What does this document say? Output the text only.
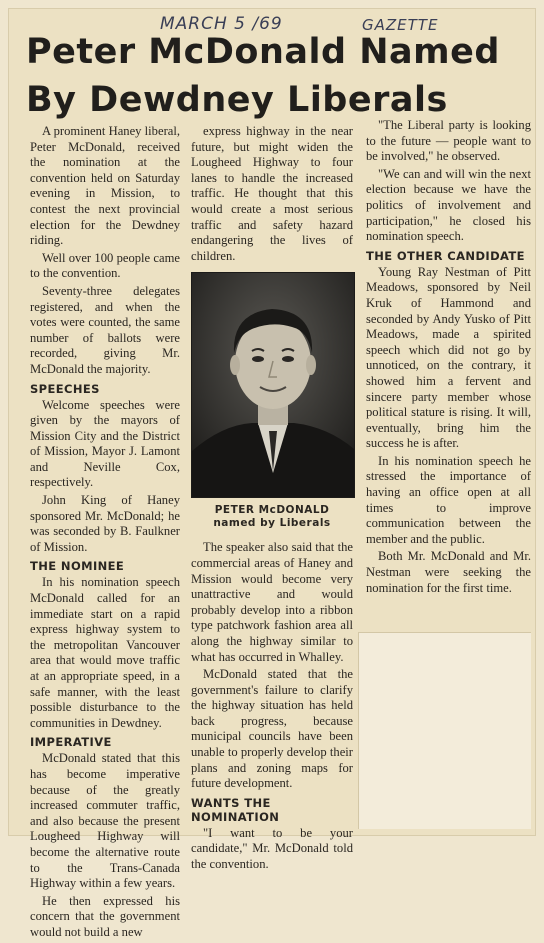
MARCH 5 /69	GAZETTE
Peter McDonald Named By Dewdney Liberals

A prominent Haney liberal, Peter McDonald, received the nomination at the convention held on Saturday evening in Mission, to contest the next provincial election for the Dewdney riding.

Well over 100 people came to the convention.

Seventy-three delegates registered, and when the votes were counted, the same number of ballots were recorded, giving Mr. McDonald the majority.

SPEECHES

Welcome speeches were given by the mayors of Mission City and the District of Mission, Mayor J. Lamont and Neville Cox, respectively.

John King of Haney sponsored Mr. McDonald; he was seconded by B. Faulkner of Mission.

THE NOMINEE

In his nomination speech McDonald called for an immediate start on a rapid express highway system to the metropolitan Vancouver area that would move traffic at an appropriate speed, in a safe manner, with the least possible disturbance to the communities in Dewdney.

IMPERATIVE

McDonald stated that this has become imperative because of the greatly increased commuter traffic, and also because the present Lougheed Highway will become the alternative route to the Trans-Canada Highway within a few years.

He then expressed his concern that the government would not build a new

express highway in the near future, but might widen the Lougheed Highway to four lanes to handle the increased traffic. He thought that this would create a most serious traffic and safety hazard endangering the lives of children.

PETER McDONALD
named by Liberals

The speaker also said that the commercial areas of Haney and Mission would become very unattractive and would probably develop into a ribbon type patchwork fashion area all along the highway similar to what has occurred in Whalley.

McDonald stated that the government's failure to clarify the highway situation has held back progress, because municipal councils have been unable to properly develop their plans and zoning maps for future development.

WANTS THE NOMINATION

"I want to be your candidate," Mr. McDonald told the convention.

"The Liberal party is looking to the future — people want to be involved," he observed.

"We can and will win the next election because we have the politics of involvement and participation," he closed his nomination speech.

THE OTHER CANDIDATE

Young Ray Nestman of Pitt Meadows, sponsored by Neil Kruk of Hammond and seconded by Andy Yusko of Pitt Meadows, made a spirited speech which did not go by unnoticed, on the contrary, it showed him a fervent and sincere party member whose political stature is rising. It will, eventually, bring him the success he is after.

In his nomination speech he stressed the importance of having an office open at all times to improve communication between the member and the public.

Both Mr. McDonald and Mr. Nestman were seeking the nomination for the first time.
